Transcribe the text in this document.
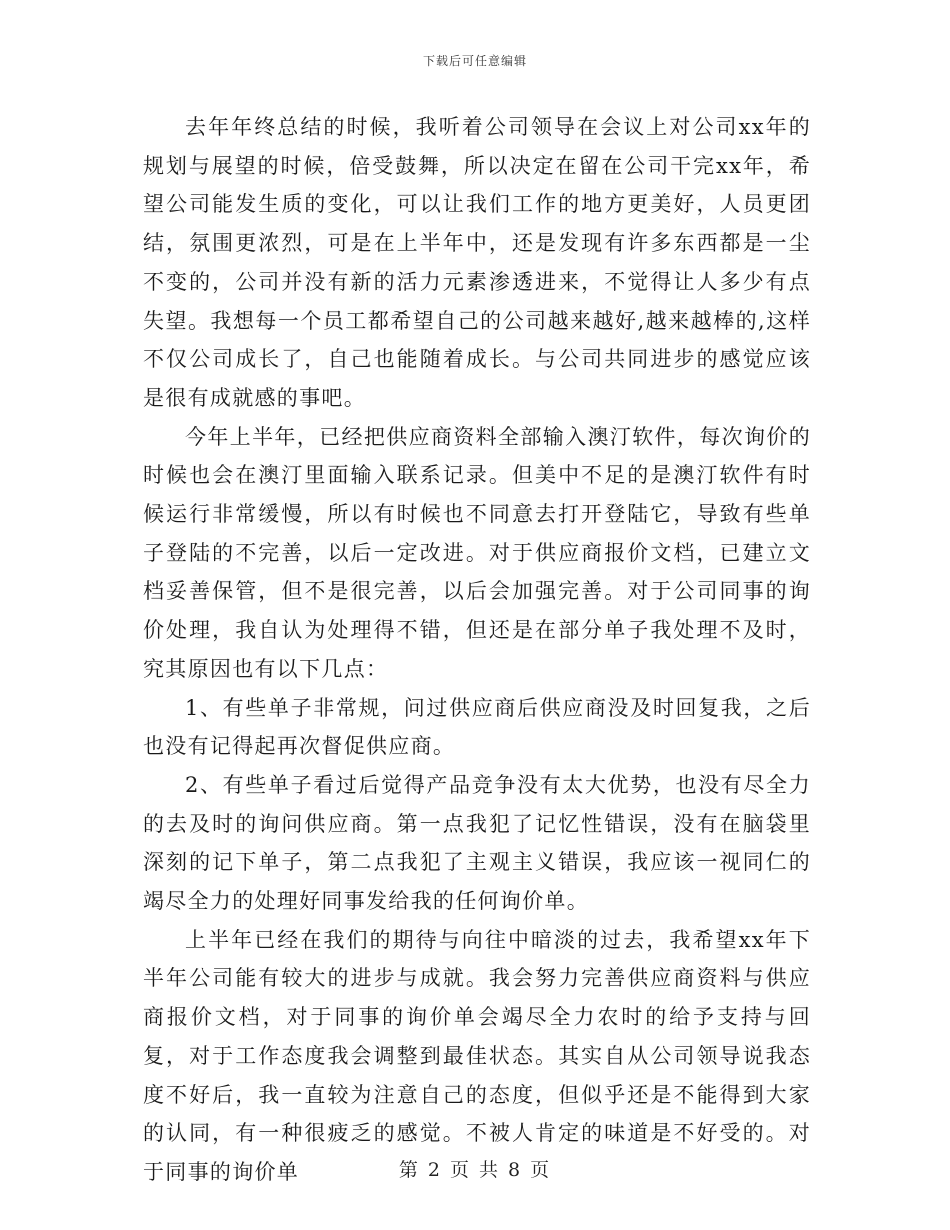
下载后可任意编辑

去年年终总结的时候，我听着公司领导在会议上对公司xx年的规划与展望的时候，倍受鼓舞，所以决定在留在公司干完xx年，希望公司能发生质的变化，可以让我们工作的地方更美好，人员更团结，氛围更浓烈，可是在上半年中，还是发现有许多东西都是一尘不变的，公司并没有新的活力元素渗透进来，不觉得让人多少有点失望。我想每一个员工都希望自己的公司越来越好,越来越棒的,这样不仅公司成长了，自己也能随着成长。与公司共同进步的感觉应该是很有成就感的事吧。

今年上半年，已经把供应商资料全部输入澳汀软件，每次询价的时候也会在澳汀里面输入联系记录。但美中不足的是澳汀软件有时候运行非常缓慢，所以有时候也不同意去打开登陆它，导致有些单子登陆的不完善，以后一定改进。对于供应商报价文档，已建立文档妥善保管，但不是很完善，以后会加强完善。对于公司同事的询价处理，我自认为处理得不错，但还是在部分单子我处理不及时，究其原因也有以下几点：

1、有些单子非常规，问过供应商后供应商没及时回复我，之后也没有记得起再次督促供应商。

2、有些单子看过后觉得产品竞争没有太大优势，也没有尽全力的去及时的询问供应商。第一点我犯了记忆性错误，没有在脑袋里深刻的记下单子，第二点我犯了主观主义错误，我应该一视同仁的竭尽全力的处理好同事发给我的任何询价单。

上半年已经在我们的期待与向往中暗淡的过去，我希望xx年下半年公司能有较大的进步与成就。我会努力完善供应商资料与供应商报价文档，对于同事的询价单会竭尽全力农时的给予支持与回复，对于工作态度我会调整到最佳状态。其实自从公司领导说我态度不好后，我一直较为注意自己的态度，但似乎还是不能得到大家的认同，有一种很疲乏的感觉。不被人肯定的味道是不好受的。对于同事的询价单	第 2 页 共 8 页
